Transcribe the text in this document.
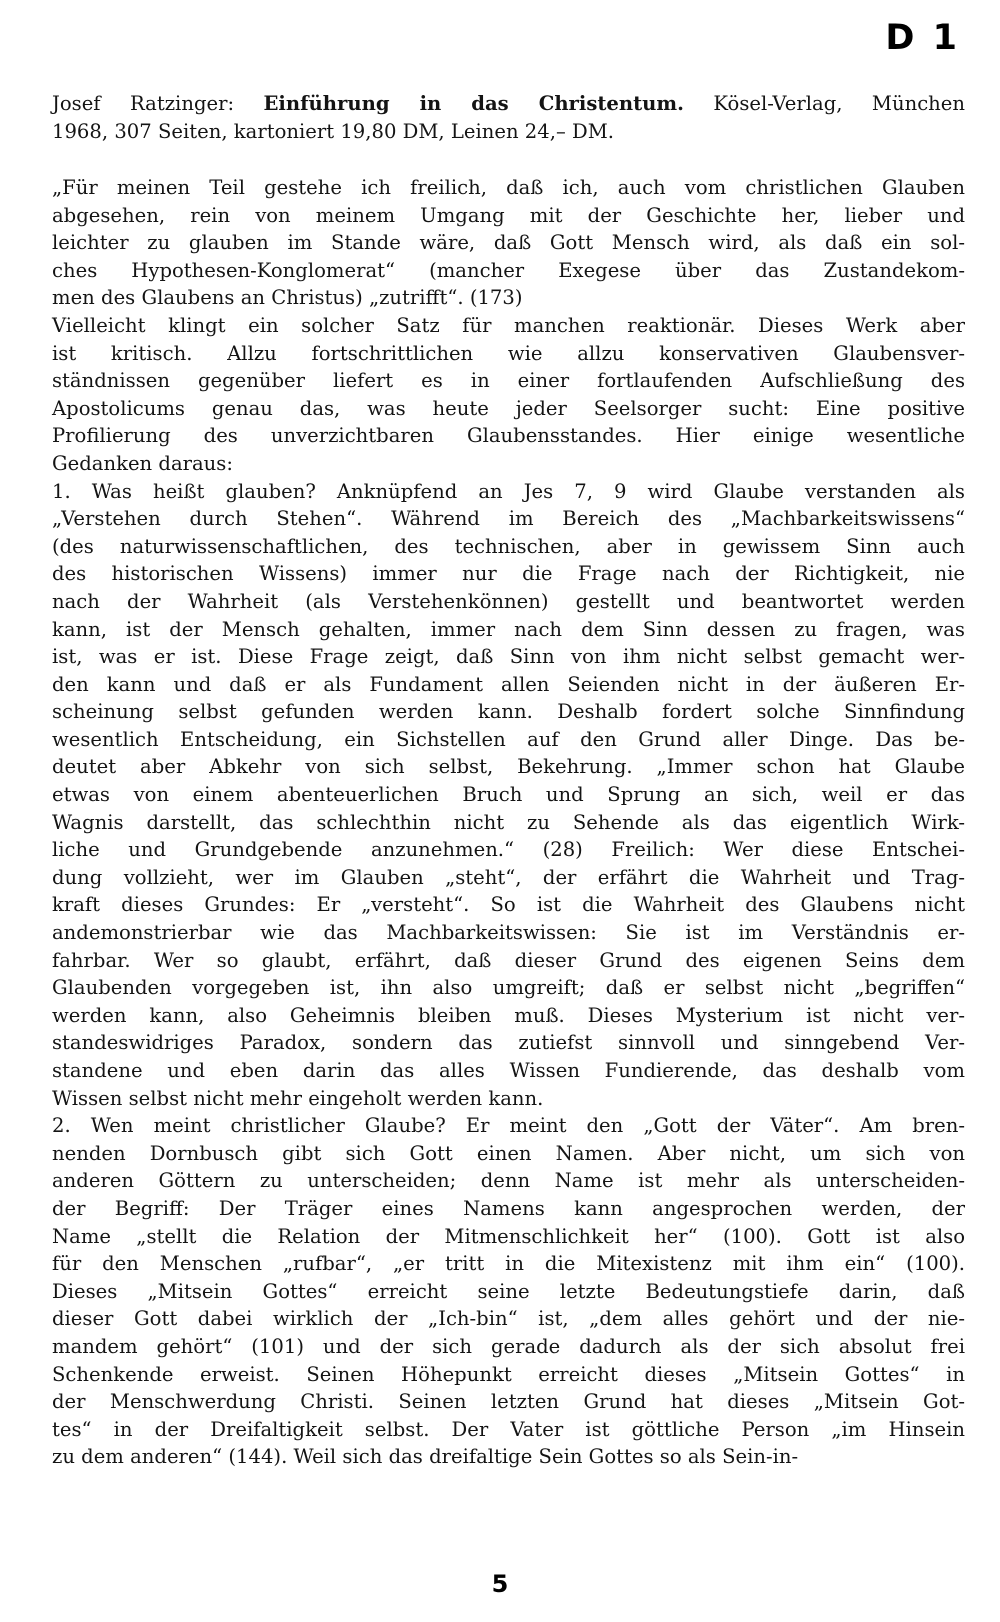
D 1
Josef Ratzinger: Einführung in das Christentum. Kösel-Verlag, München
1968, 307 Seiten, kartoniert 19,80 DM, Leinen 24,– DM.
„Für meinen Teil gestehe ich freilich, daß ich, auch vom christlichen Glauben
abgesehen, rein von meinem Umgang mit der Geschichte her, lieber und
leichter zu glauben im Stande wäre, daß Gott Mensch wird, als daß ein sol-
ches Hypothesen-Konglomerat“ (mancher Exegese über das Zustandekom-
men des Glaubens an Christus) „zutrifft“. (173)
Vielleicht klingt ein solcher Satz für manchen reaktionär. Dieses Werk aber
ist kritisch. Allzu fortschrittlichen wie allzu konservativen Glaubensver-
ständnissen gegenüber liefert es in einer fortlaufenden Aufschließung des
Apostolicums genau das, was heute jeder Seelsorger sucht: Eine positive
Profilierung des unverzichtbaren Glaubensstandes. Hier einige wesentliche
Gedanken daraus:
1. Was heißt glauben? Anknüpfend an Jes 7, 9 wird Glaube verstanden als
„Verstehen durch Stehen“. Während im Bereich des „Machbarkeitswissens“
(des naturwissenschaftlichen, des technischen, aber in gewissem Sinn auch
des historischen Wissens) immer nur die Frage nach der Richtigkeit, nie
nach der Wahrheit (als Verstehenkönnen) gestellt und beantwortet werden
kann, ist der Mensch gehalten, immer nach dem Sinn dessen zu fragen, was
ist, was er ist. Diese Frage zeigt, daß Sinn von ihm nicht selbst gemacht wer-
den kann und daß er als Fundament allen Seienden nicht in der äußeren Er-
scheinung selbst gefunden werden kann. Deshalb fordert solche Sinnfindung
wesentlich Entscheidung, ein Sichstellen auf den Grund aller Dinge. Das be-
deutet aber Abkehr von sich selbst, Bekehrung. „Immer schon hat Glaube
etwas von einem abenteuerlichen Bruch und Sprung an sich, weil er das
Wagnis darstellt, das schlechthin nicht zu Sehende als das eigentlich Wirk-
liche und Grundgebende anzunehmen.“ (28) Freilich: Wer diese Entschei-
dung vollzieht, wer im Glauben „steht“, der erfährt die Wahrheit und Trag-
kraft dieses Grundes: Er „versteht“. So ist die Wahrheit des Glaubens nicht
andemonstrierbar wie das Machbarkeitswissen: Sie ist im Verständnis er-
fahrbar. Wer so glaubt, erfährt, daß dieser Grund des eigenen Seins dem
Glaubenden vorgegeben ist, ihn also umgreift; daß er selbst nicht „begriffen“
werden kann, also Geheimnis bleiben muß. Dieses Mysterium ist nicht ver-
standeswidriges Paradox, sondern das zutiefst sinnvoll und sinngebend Ver-
standene und eben darin das alles Wissen Fundierende, das deshalb vom
Wissen selbst nicht mehr eingeholt werden kann.
2. Wen meint christlicher Glaube? Er meint den „Gott der Väter“. Am bren-
nenden Dornbusch gibt sich Gott einen Namen. Aber nicht, um sich von
anderen Göttern zu unterscheiden; denn Name ist mehr als unterscheiden-
der Begriff: Der Träger eines Namens kann angesprochen werden, der
Name „stellt die Relation der Mitmenschlichkeit her“ (100). Gott ist also
für den Menschen „rufbar“, „er tritt in die Mitexistenz mit ihm ein“ (100).
Dieses „Mitsein Gottes“ erreicht seine letzte Bedeutungstiefe darin, daß
dieser Gott dabei wirklich der „Ich-bin“ ist, „dem alles gehört und der nie-
mandem gehört“ (101) und der sich gerade dadurch als der sich absolut frei
Schenkende erweist. Seinen Höhepunkt erreicht dieses „Mitsein Gottes“ in
der Menschwerdung Christi. Seinen letzten Grund hat dieses „Mitsein Got-
tes“ in der Dreifaltigkeit selbst. Der Vater ist göttliche Person „im Hinsein
zu dem anderen“ (144). Weil sich das dreifaltige Sein Gottes so als Sein-in-
5
